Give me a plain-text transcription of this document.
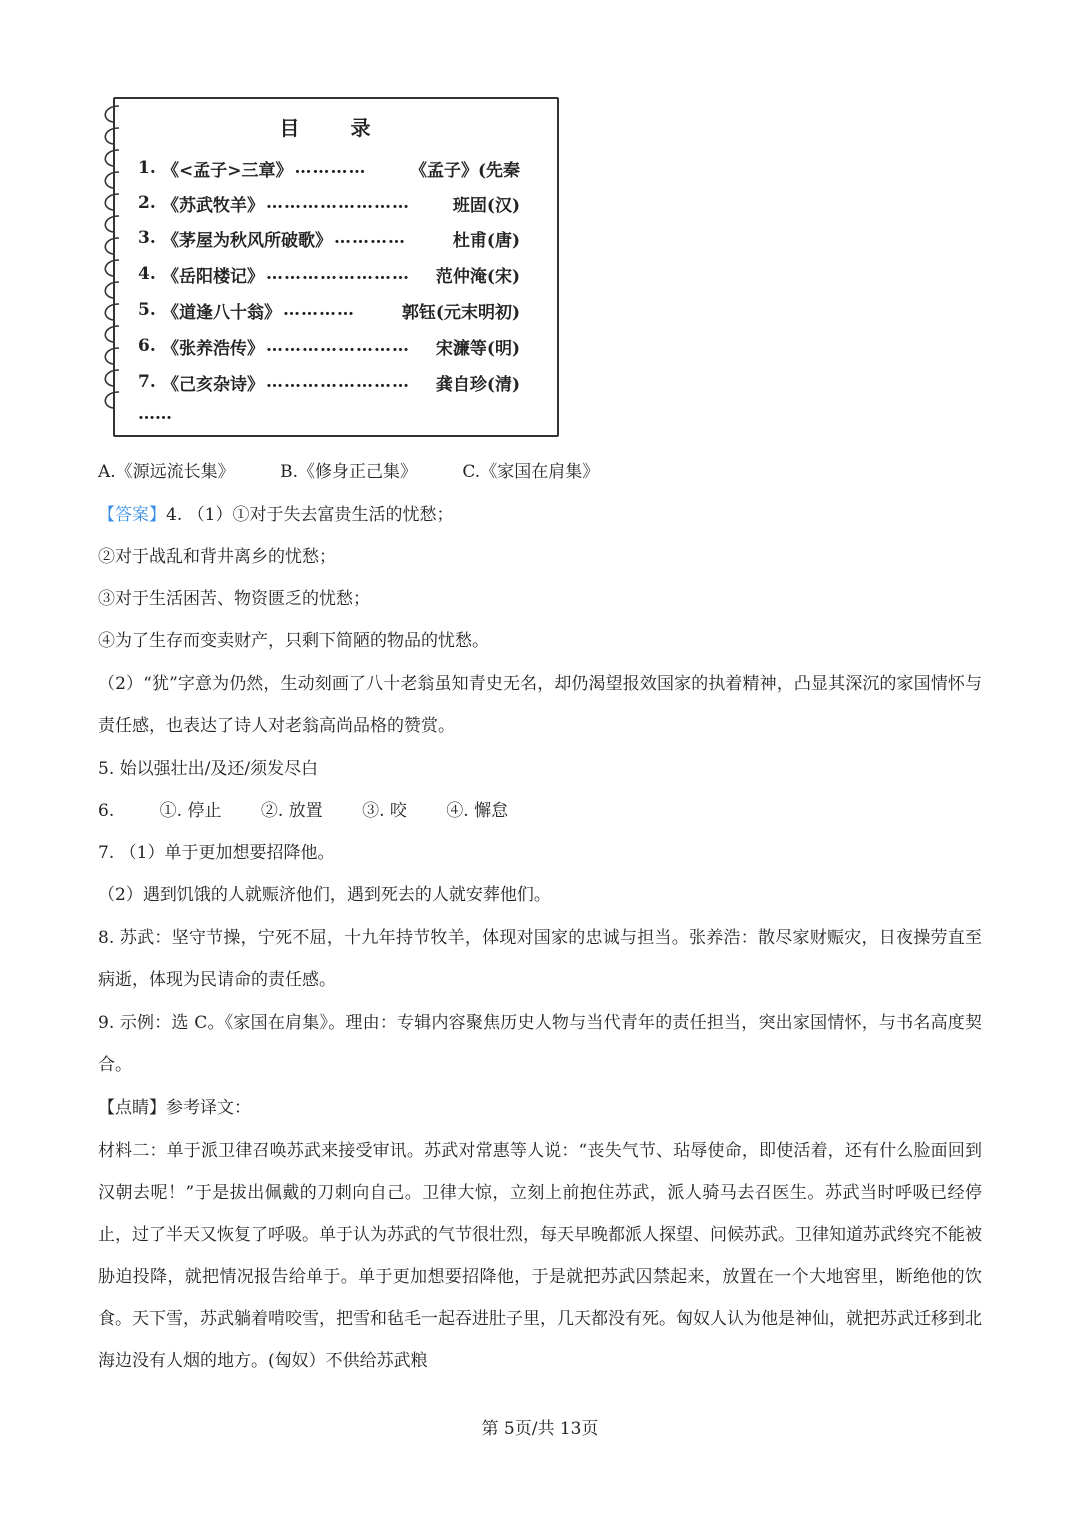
目 录
1. 《<孟子>三章》 …………	《孟子》(先秦
2. 《苏武牧羊》 ……………………	班固(汉)
3. 《茅屋为秋风所破歌》 …………	杜甫(唐)
4. 《岳阳楼记》 ……………………	范仲淹(宋)
5. 《道逢八十翁》 …………	郭钰(元末明初)
6. 《张养浩传》 ……………………	宋濂等(明)
7. 《己亥杂诗》 ……………………	龚自珍(清)
……
A.《源远流长集》	B.《修身正己集》	C.《家国在肩集》
【答案】4. （1）①对于失去富贵生活的忧愁；
②对于战乱和背井离乡的忧愁；
③对于生活困苦、物资匮乏的忧愁；
④为了生存而变卖财产，只剩下简陋的物品的忧愁。
（2）“犹”字意为仍然，生动刻画了八十老翁虽知青史无名，却仍渴望报效国家的执着精神，凸显其深沉的家国情怀与责任感，也表达了诗人对老翁高尚品格的赞赏。
5. 始以强壮出/及还/须发尽白
6.	①. 停止 ②. 放置 ③. 咬 ④. 懈怠
7. （1）单于更加想要招降他。
（2）遇到饥饿的人就赈济他们，遇到死去的人就安葬他们。
8. 苏武：坚守节操，宁死不屈，十九年持节牧羊，体现对国家的忠诚与担当。张养浩：散尽家财赈灾，日夜操劳直至病逝，体现为民请命的责任感。
9. 示例：选 C。《家国在肩集》。理由：专辑内容聚焦历史人物与当代青年的责任担当，突出家国情怀，与书名高度契合。
【点睛】参考译文：
材料二：单于派卫律召唤苏武来接受审讯。苏武对常惠等人说：“丧失气节、玷辱使命，即使活着，还有什么脸面回到汉朝去呢！”于是拔出佩戴的刀刺向自己。卫律大惊，立刻上前抱住苏武，派人骑马去召医生。苏武当时呼吸已经停止，过了半天又恢复了呼吸。单于认为苏武的气节很壮烈，每天早晚都派人探望、问候苏武。卫律知道苏武终究不能被胁迫投降，就把情况报告给单于。单于更加想要招降他，于是就把苏武囚禁起来，放置在一个大地窖里，断绝他的饮食。天下雪，苏武躺着啃咬雪，把雪和毡毛一起吞进肚子里，几天都没有死。匈奴人认为他是神仙，就把苏武迁移到北海边没有人烟的地方。(匈奴）不供给苏武粮
第 5页/共 13页
